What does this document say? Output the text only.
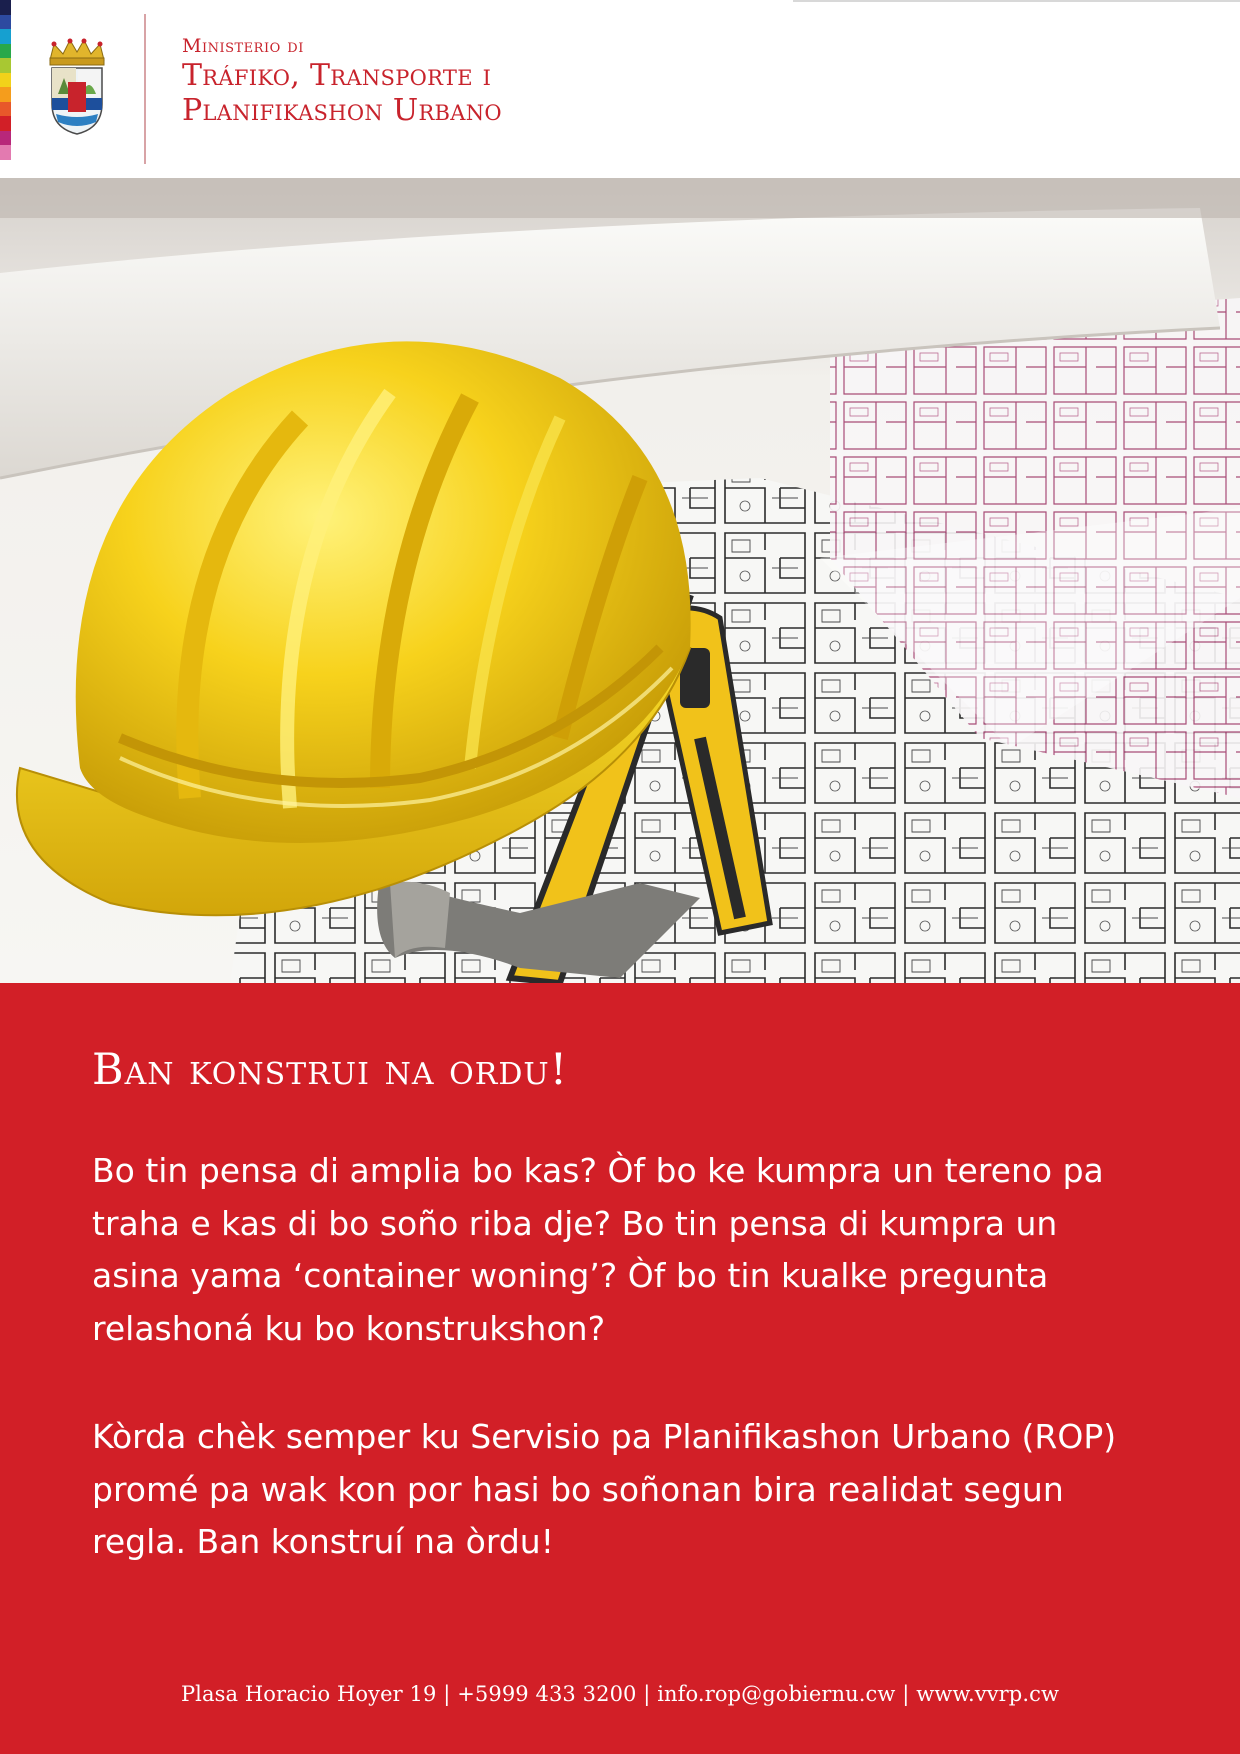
Ministerio di
Tráfiko, Transporte i
Planifikashon Urbano
Ban konstrui na ordu!

Bo tin pensa di amplia bo kas? Òf bo ke kumpra un tereno pa traha e kas di bo soño riba dje? Bo tin pensa di kumpra un asina yama ‘container woning’? Òf bo tin kualke pregunta relashoná ku bo konstrukshon?

Kòrda chèk semper ku Servisio pa Planifikashon Urbano (ROP) promé pa wak kon por hasi bo soñonan bira realidat segun regla. Ban konstruí na òrdu!

Plasa Horacio Hoyer 19 | +5999 433 3200 | info.rop@gobiernu.cw | www.vvrp.cw
